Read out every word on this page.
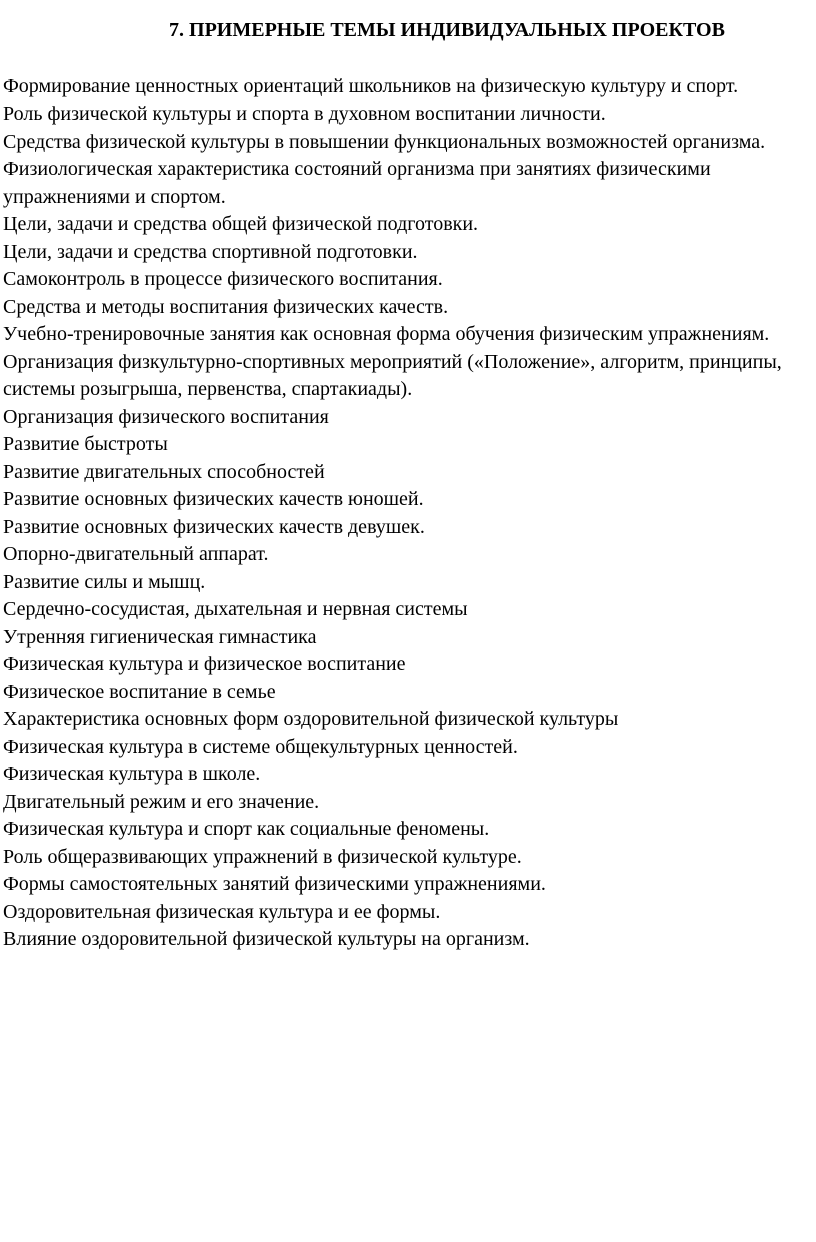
7. ПРИМЕРНЫЕ ТЕМЫ ИНДИВИДУАЛЬНЫХ ПРОЕКТОВ
Формирование ценностных ориентаций школьников на физическую культуру и спорт.
Роль физической культуры и спорта в духовном воспитании личности.
Средства физической культуры в повышении функциональных возможностей организма.
Физиологическая характеристика состояний организма при занятиях физическими упражнениями и спортом.
Цели, задачи и средства общей физической подготовки.
Цели, задачи и средства спортивной подготовки.
Самоконтроль в процессе физического воспитания.
Средства и методы воспитания физических качеств.
Учебно-тренировочные занятия как основная форма обучения физическим упражнениям.
Организация физкультурно-спортивных мероприятий («Положение», алгоритм, принципы, системы розыгрыша, первенства, спартакиады).
Организация физического воспитания
Развитие быстроты
Развитие двигательных способностей
Развитие основных физических качеств юношей.
Развитие основных физических качеств девушек.
Опорно-двигательный аппарат.
Развитие силы и мышц.
Сердечно-сосудистая, дыхательная и нервная системы
Утренняя гигиеническая гимнастика
Физическая культура и физическое воспитание
Физическое воспитание в семье
Характеристика основных форм оздоровительной физической культуры
Физическая культура в системе общекультурных ценностей.
Физическая культура в школе.
Двигательный режим и его значение.
Физическая культура и спорт как социальные феномены.
Роль общеразвивающих упражнений в физической культуре.
Формы самостоятельных занятий физическими упражнениями.
Оздоровительная физическая культура и ее формы.
Влияние оздоровительной физической культуры на организм.
